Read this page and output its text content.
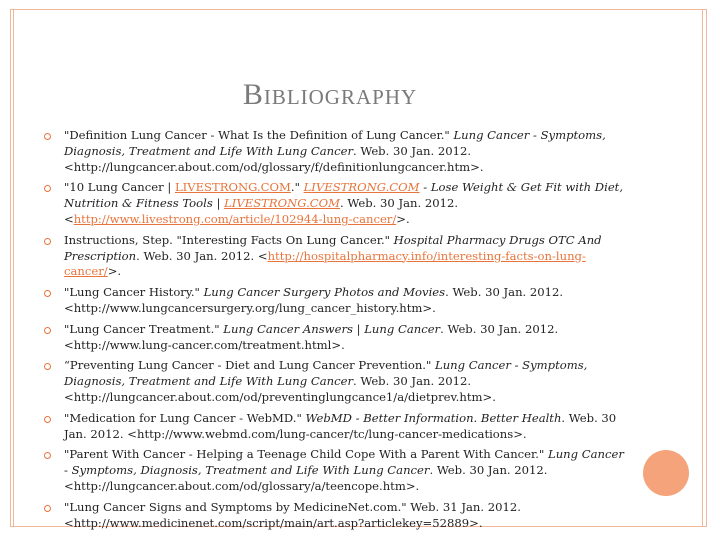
Bibliography
"Definition Lung Cancer - What Is the Definition of Lung Cancer." Lung Cancer - Symptoms, Diagnosis, Treatment and Life With Lung Cancer. Web. 30 Jan. 2012. <http://lungcancer.about.com/od/glossary/f/definitionlungcancer.htm>.
"10 Lung Cancer | LIVESTRONG.COM." LIVESTRONG.COM - Lose Weight & Get Fit with Diet, Nutrition & Fitness Tools | LIVESTRONG.COM. Web. 30 Jan. 2012. <http://www.livestrong.com/article/102944-lung-cancer/>.
Instructions, Step. "Interesting Facts On Lung Cancer." Hospital Pharmacy Drugs OTC And Prescription. Web. 30 Jan. 2012. <http://hospitalpharmacy.info/interesting-facts-on-lung-cancer/>.
"Lung Cancer History." Lung Cancer Surgery Photos and Movies. Web. 30 Jan. 2012. <http://www.lungcancersurgery.org/lung_cancer_history.htm>.
"Lung Cancer Treatment." Lung Cancer Answers | Lung Cancer. Web. 30 Jan. 2012. <http://www.lung-cancer.com/treatment.html>.
“Preventing Lung Cancer - Diet and Lung Cancer Prevention." Lung Cancer - Symptoms, Diagnosis, Treatment and Life With Lung Cancer. Web. 30 Jan. 2012. <http://lungcancer.about.com/od/preventinglungcance1/a/dietprev.htm>.
"Medication for Lung Cancer - WebMD." WebMD - Better Information. Better Health. Web. 30 Jan. 2012. <http://www.webmd.com/lung-cancer/tc/lung-cancer-medications>.
"Parent With Cancer - Helping a Teenage Child Cope With a Parent With Cancer." Lung Cancer - Symptoms, Diagnosis, Treatment and Life With Lung Cancer. Web. 30 Jan. 2012. <http://lungcancer.about.com/od/glossary/a/teencope.htm>.
"Lung Cancer Signs and Symptoms by MedicineNet.com." Web. 31 Jan. 2012. <http://www.medicinenet.com/script/main/art.asp?articlekey=52889>.
